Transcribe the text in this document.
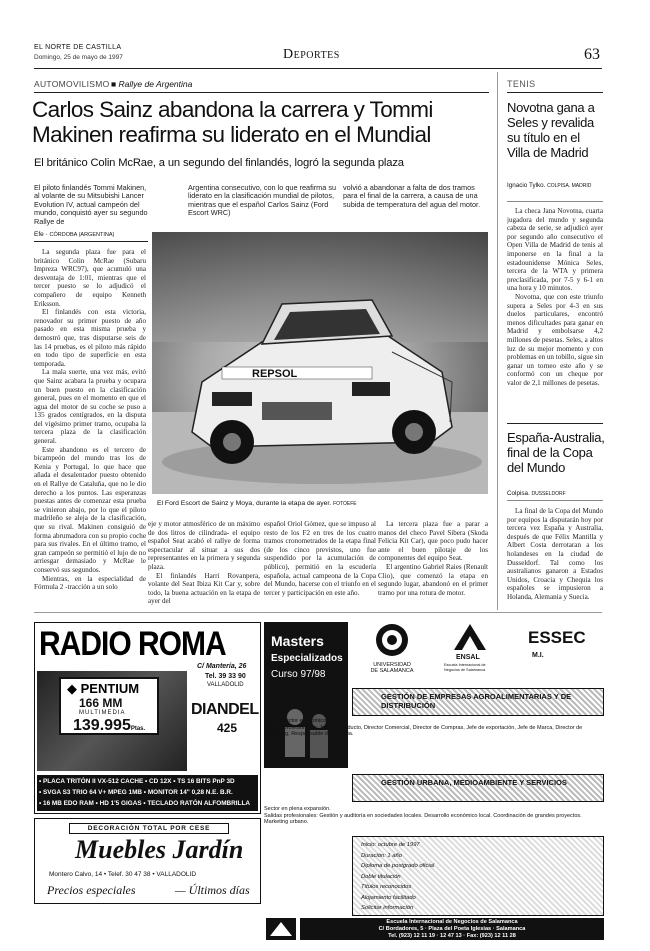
EL NORTE DE CASTILLA
Domingo, 25 de mayo de 1997	Deportes	63
AUTOMOVILISMO ■ Rallye de Argentina
Carlos Sainz abandona la carrera y Tommi
Makinen reafirma su liderato en el Mundial
El británico Colin McRae, a un segundo del finlandés, logró la segunda plaza
El piloto finlandés Tommi Makinen, al volante de su Mitsubishi Lancer Evolution IV, actual campeón del mundo, conquistó ayer su segundo Rallye de
Argentina consecutivo, con lo que reafirma su liderato en la clasificación mundial de pilotos, mientras que el español Carlos Sainz (Ford Escort WRC)
volvió a abandonar a falta de dos tramos para el final de la carrera, a causa de una subida de temperatura del agua del motor.
Efe · CÓRDOBA (ARGENTINA)

La segunda plaza fue para el británico Colin McRae (Subaru Impreza WRC97), que acumuló una desventaja de 1:01, mientras que el tercer puesto se lo adjudicó el compañero de equipo Kenneth Eriksson.

El finlandés con esta victoria, renovador su primer puesto de año pasado en esta misma prueba y demostró que, tras disputarse seis de las 14 pruebas, es el piloto más rápido en todo tipo de superficie en esta temporada.

La mala suerte, una vez más, evitó que Sainz acabara la prueba y ocupara un buen puesto en la clasificación general, pues en el momento en que el agua del motor de su coche se puso a 135 grados centígrados, en la disputa del vigésimo primer tramo, ocupaba la tercera plaza de la clasificación general.

Este abandono es el tercero de bicampeón del mundo tras los de Kenia y Portugal, lo que hace que añada el desalentador puesto obtenido en el Rallye de Cataluña, que no le dio derecho a los puntos. Las esperanzas puestas antes de comenzar esta prueba se vinieron abajo, por lo que el piloto madrileño se aleja de la clasificación, que su rival. Makinen consiguió de forma abrumadora con su propio coche para sus rivales. En el último tramo, el gran campeón se permitió el lujo de no arriesgar demasiado y McRae le conservó sus segundos.

Mientras, en la especialidad de Fórmula 2 -tracción a un solo

REPSOL
El Ford Escort de Sainz y Moya, durante la etapa de ayer. FOTOEFE

eje y motor atmosférico de un máximo de dos litros de cilindrada- el equipo español Seat acabó el rallye de forma espectacular al situar a sus dos representantes en la primera y segunda plaza.

El finlandés Harri Rovanpera, volante del Seat Ibiza Kit Car y, sobre todo, la buena actuación en la etapa de ayer del

español Oriol Gómez, que se impuso al resto de los F2 en tres de los cuatro tramos cronometrados de la etapa final (de los cinco previstos, uno fue suspendido por la acumulación de público), permitió en la escudería española, actual campeona de la Copa del Mundo, hacerse con el triunfo en el tercer y participación en este año.

La tercera plaza fue a parar a manos del checo Pavel Sibera (Skoda Felicia Kit Car), que poco pudo hacer ante el buen pilotaje de los componentes del equipo Seat.

El argentino Gabriel Raies (Renault Clio), que comenzó la etapa en segundo lugar, abandonó en el primer tramo por una rotura de motor.

TENIS
Novotna gana a Seles y revalida su título en el Villa de Madrid
Ignacio Tylko. COLPISA. MADRID

La checa Jana Novotna, cuarta jugadora del mundo y segunda cabeza de serie, se adjudicó ayer por segundo año consecutivo el Open Villa de Madrid de tenis al imponerse en la final a la estadounidense Mónica Seles, tercera de la WTA y primera preclasificada, por 7-5 y 6-1 en una hora y 10 minutos.

Novotna, que con este triunfo supera a Seles por 4-3 en sus duelos particulares, encontró menos dificultades para ganar en Madrid y embolsarse 4,2 millones de pesetas. Seles, a altos luz de su mejor momento y con problemas en un tobillo, sigue sin ganar un torneo este año y se conformó con un cheque por valor de 2,1 millones de pesetas.

España-Australia, final de la Copa del Mundo
Colpisa. DUSSELDORF

La final de la Copa del Mundo por equipos la disputarán hoy por tercera vez España y Australia, después de que Félix Mantilla y Albert Costa derrotaran a los holandeses en la ciudad de Dusseldorf. Tal como los australianos ganaron a Estados Unidos, Croacia y Chequia los españoles se impusieron a Holanda, Alemania y Suecia.

RADIO ROMA
C/ Mantería, 26
Tel. 39 33 90
VALLADOLID
◆ PENTIUM
166 MM
MULTIMEDIA
139.995Ptas.
DIANDEL
425
• PLACA TRITÓN II VX-512 CACHE • CD 12X • TS 16 BITS PnP 3D
• SVGA S3 TRIO 64 V+ MPEG 1MB • MONITOR 14" 0,28 N.E. B.R.
• 16 MB EDO RAM • HD 1'5 GIGAS • TECLADO RATÓN ALFOMBRILLA
DECORACIÓN TOTAL POR CESE
Muebles Jardín
Montero Calvo, 14 • Telef. 30 47 38 • VALLADOLID
Precios especiales	— Últimos días
Masters
Especializados
Curso 97/98
UNIVERSIDAD
DE SALAMANCA
ENSAL
Escuela Internacional de Negocios de Salamanca
ESSEC
M.I.
GESTIÓN DE EMPRESAS AGROALIMENTARIAS Y DE DISTRIBUCIÓN
Para el sector económico mundial.
Salidas profesionales: Jefe de Producto, Director Comercial, Director de Compras, Jefe de exportación, Jefe de Marca, Director de Marketing, Responsable de agencia.
GESTIÓN URBANA, MEDIOAMBIENTE Y SERVICIOS
Sector en plena expansión.
Salidas profesionales: Gestión y auditoría en sociedades locales. Desarrollo económico local. Coordinación de grandes proyectos. Marketing urbano.
Inicio: octubre de 1997
Duración: 1 año
Diploma de postgrado oficial
Doble titulación
Títulos reconocidos
Alojamiento facilitado
Solicitar información
Escuela Internacional de Negocios de Salamanca
C/ Bordadores, 5 · Plaza del Poeta Iglesias · Salamanca
Tel. (923) 12 11 19 · 12 47 13 · Fax: (923) 12 11 28
